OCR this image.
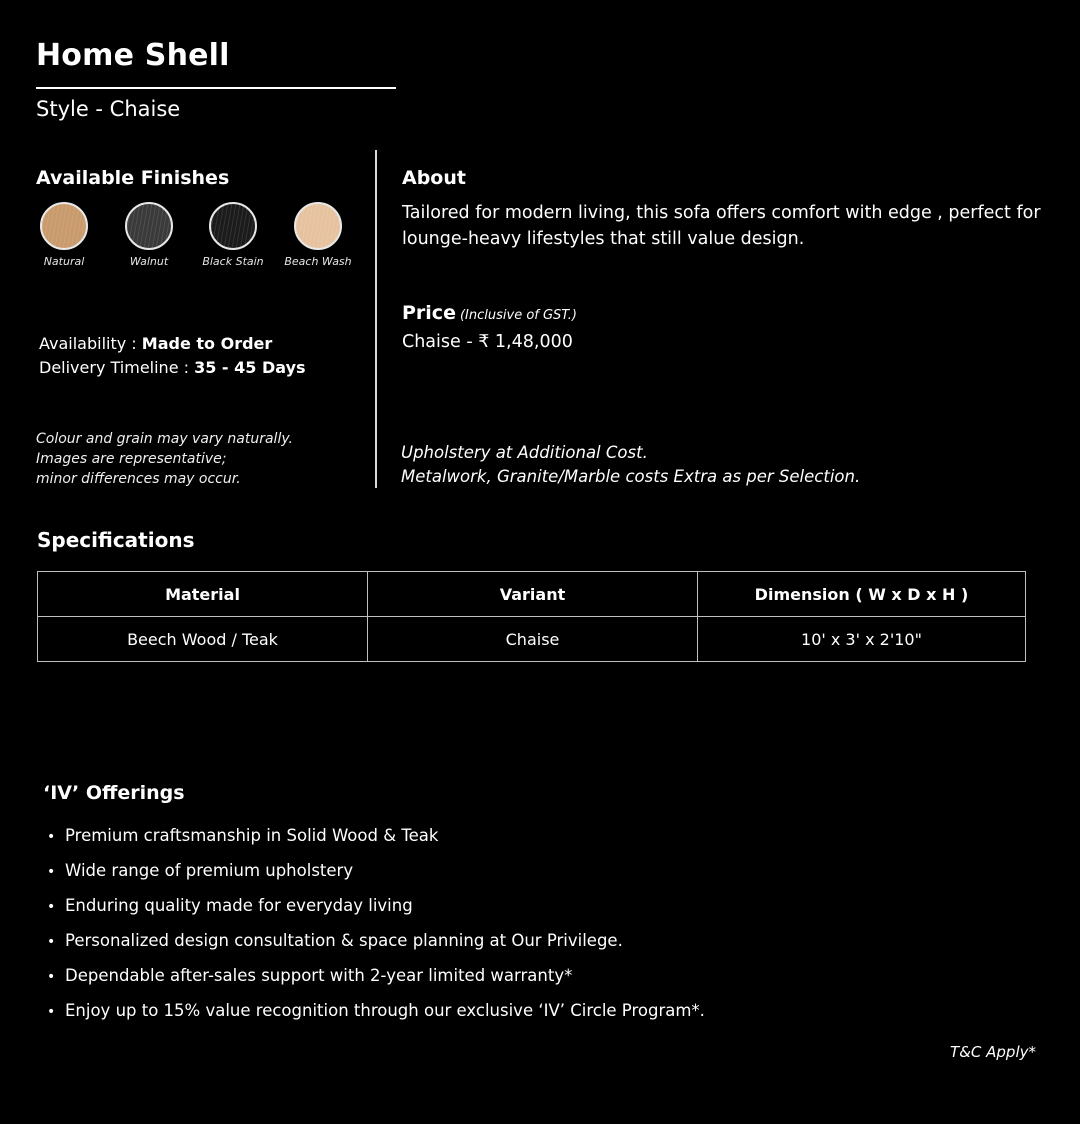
Home Shell
Style - Chaise
Available Finishes
Natural	Walnut	Black Stain	Beach Wash
Availability : Made to Order
Delivery Timeline : 35 - 45 Days
Colour and grain may vary naturally.
Images are representative;
minor differences may occur.
About
Tailored for modern living, this sofa offers comfort with edge , perfect for lounge-heavy lifestyles that still value design.
Price (Inclusive of GST.)
Chaise - ₹ 1,48,000
Upholstery at Additional Cost.
Metalwork, Granite/Marble costs Extra as per Selection.
Specifications
Material	Variant	Dimension ( W x D x H )
Beech Wood / Teak	Chaise	10' x 3' x 2'10"
‘IV’ Offerings
• Premium craftsmanship in Solid Wood & Teak
• Wide range of premium upholstery
• Enduring quality made for everyday living
• Personalized design consultation & space planning at Our Privilege.
• Dependable after-sales support with 2-year limited warranty*
• Enjoy up to 15% value recognition through our exclusive ‘IV’ Circle Program*.
T&C Apply*
